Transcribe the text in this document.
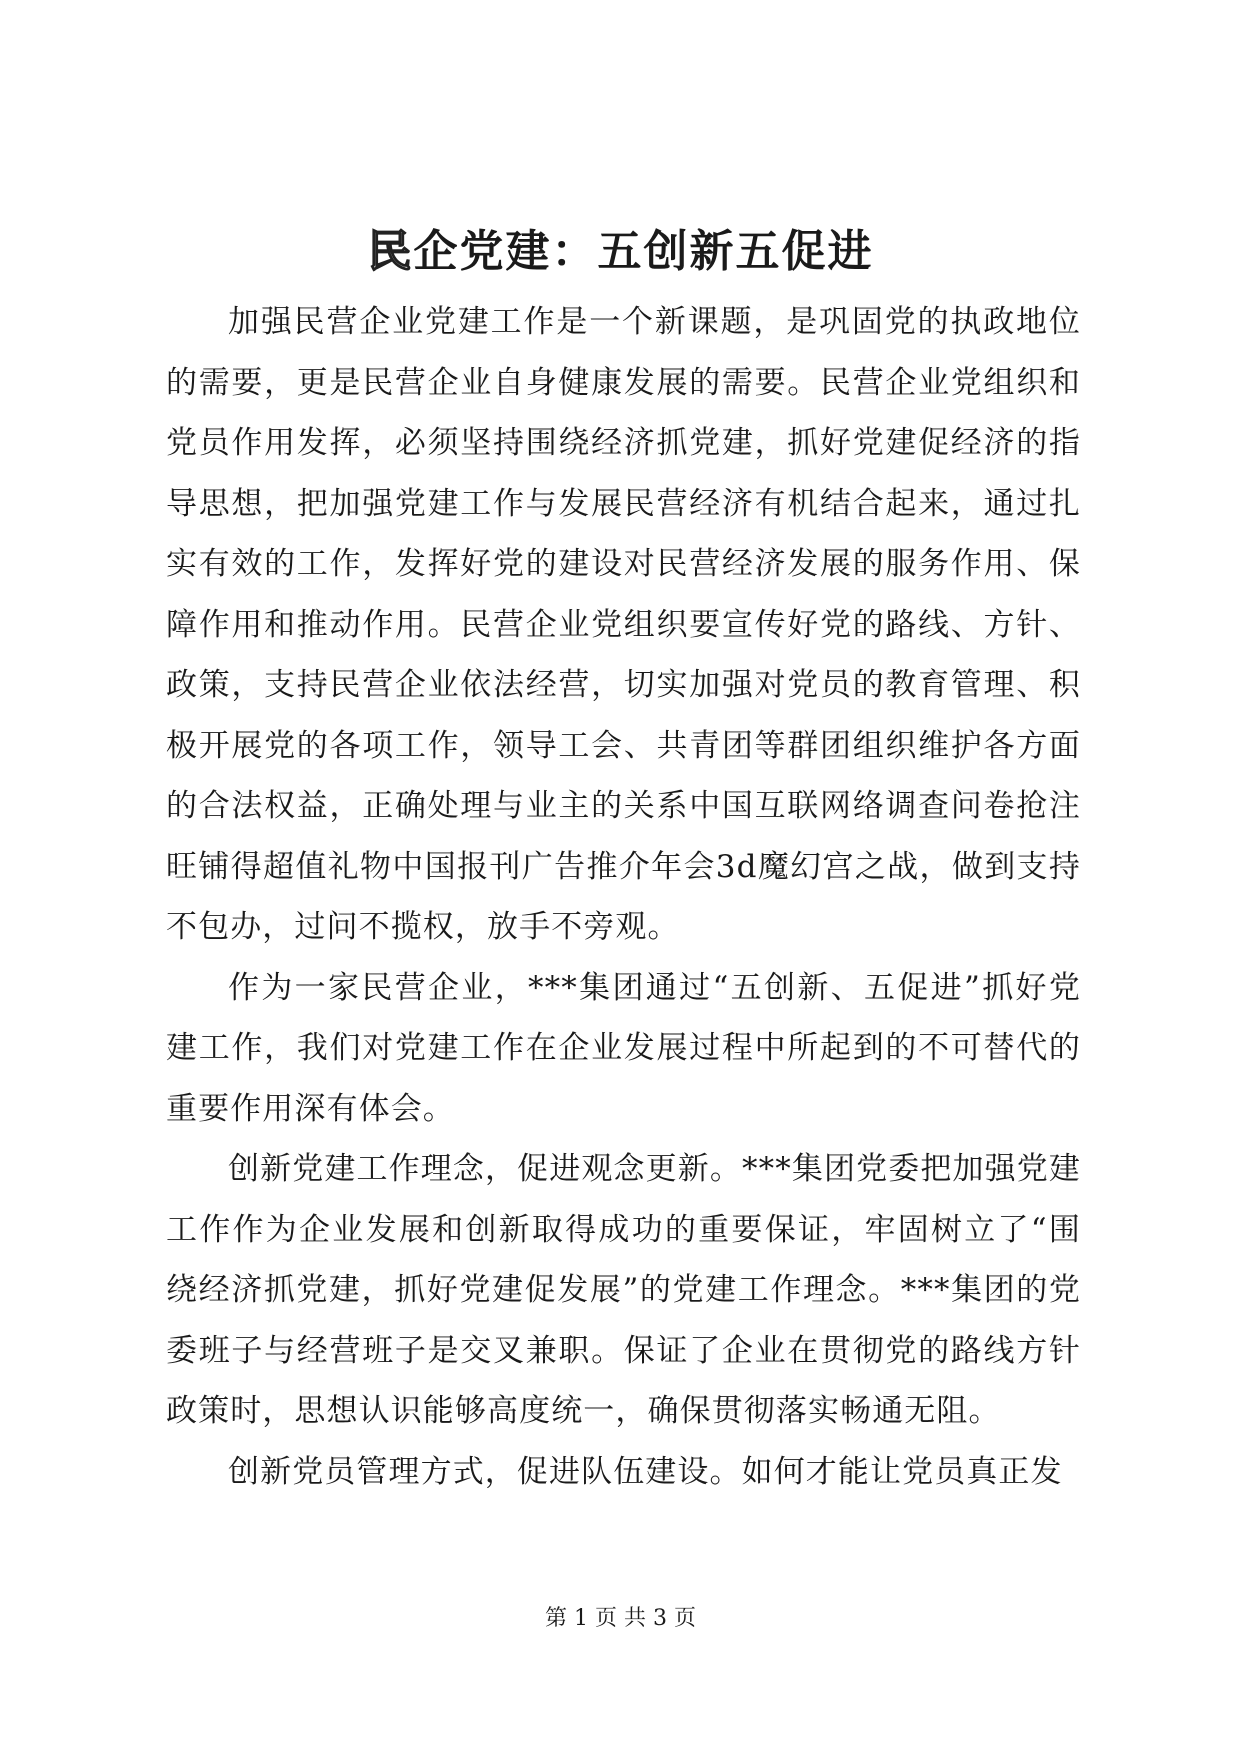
民企党建：五创新五促进

加强民营企业党建工作是一个新课题，是巩固党的执政地位的需要，更是民营企业自身健康发展的需要。民营企业党组织和党员作用发挥，必须坚持围绕经济抓党建，抓好党建促经济的指导思想，把加强党建工作与发展民营经济有机结合起来，通过扎实有效的工作，发挥好党的建设对民营经济发展的服务作用、保障作用和推动作用。民营企业党组织要宣传好党的路线、方针、政策，支持民营企业依法经营，切实加强对党员的教育管理、积极开展党的各项工作，领导工会、共青团等群团组织维护各方面的合法权益，正确处理与业主的关系中国互联网络调查问卷抢注旺铺得超值礼物中国报刊广告推介年会3d魔幻宫之战，做到支持不包办，过问不揽权，放手不旁观。

作为一家民营企业，***集团通过“五创新、五促进”抓好党建工作，我们对党建工作在企业发展过程中所起到的不可替代的重要作用深有体会。

创新党建工作理念，促进观念更新。***集团党委把加强党建工作作为企业发展和创新取得成功的重要保证，牢固树立了“围绕经济抓党建，抓好党建促发展”的党建工作理念。***集团的党委班子与经营班子是交叉兼职。保证了企业在贯彻党的路线方针政策时，思想认识能够高度统一，确保贯彻落实畅通无阻。

创新党员管理方式，促进队伍建设。如何才能让党员真正发

第 1 页 共 3 页
